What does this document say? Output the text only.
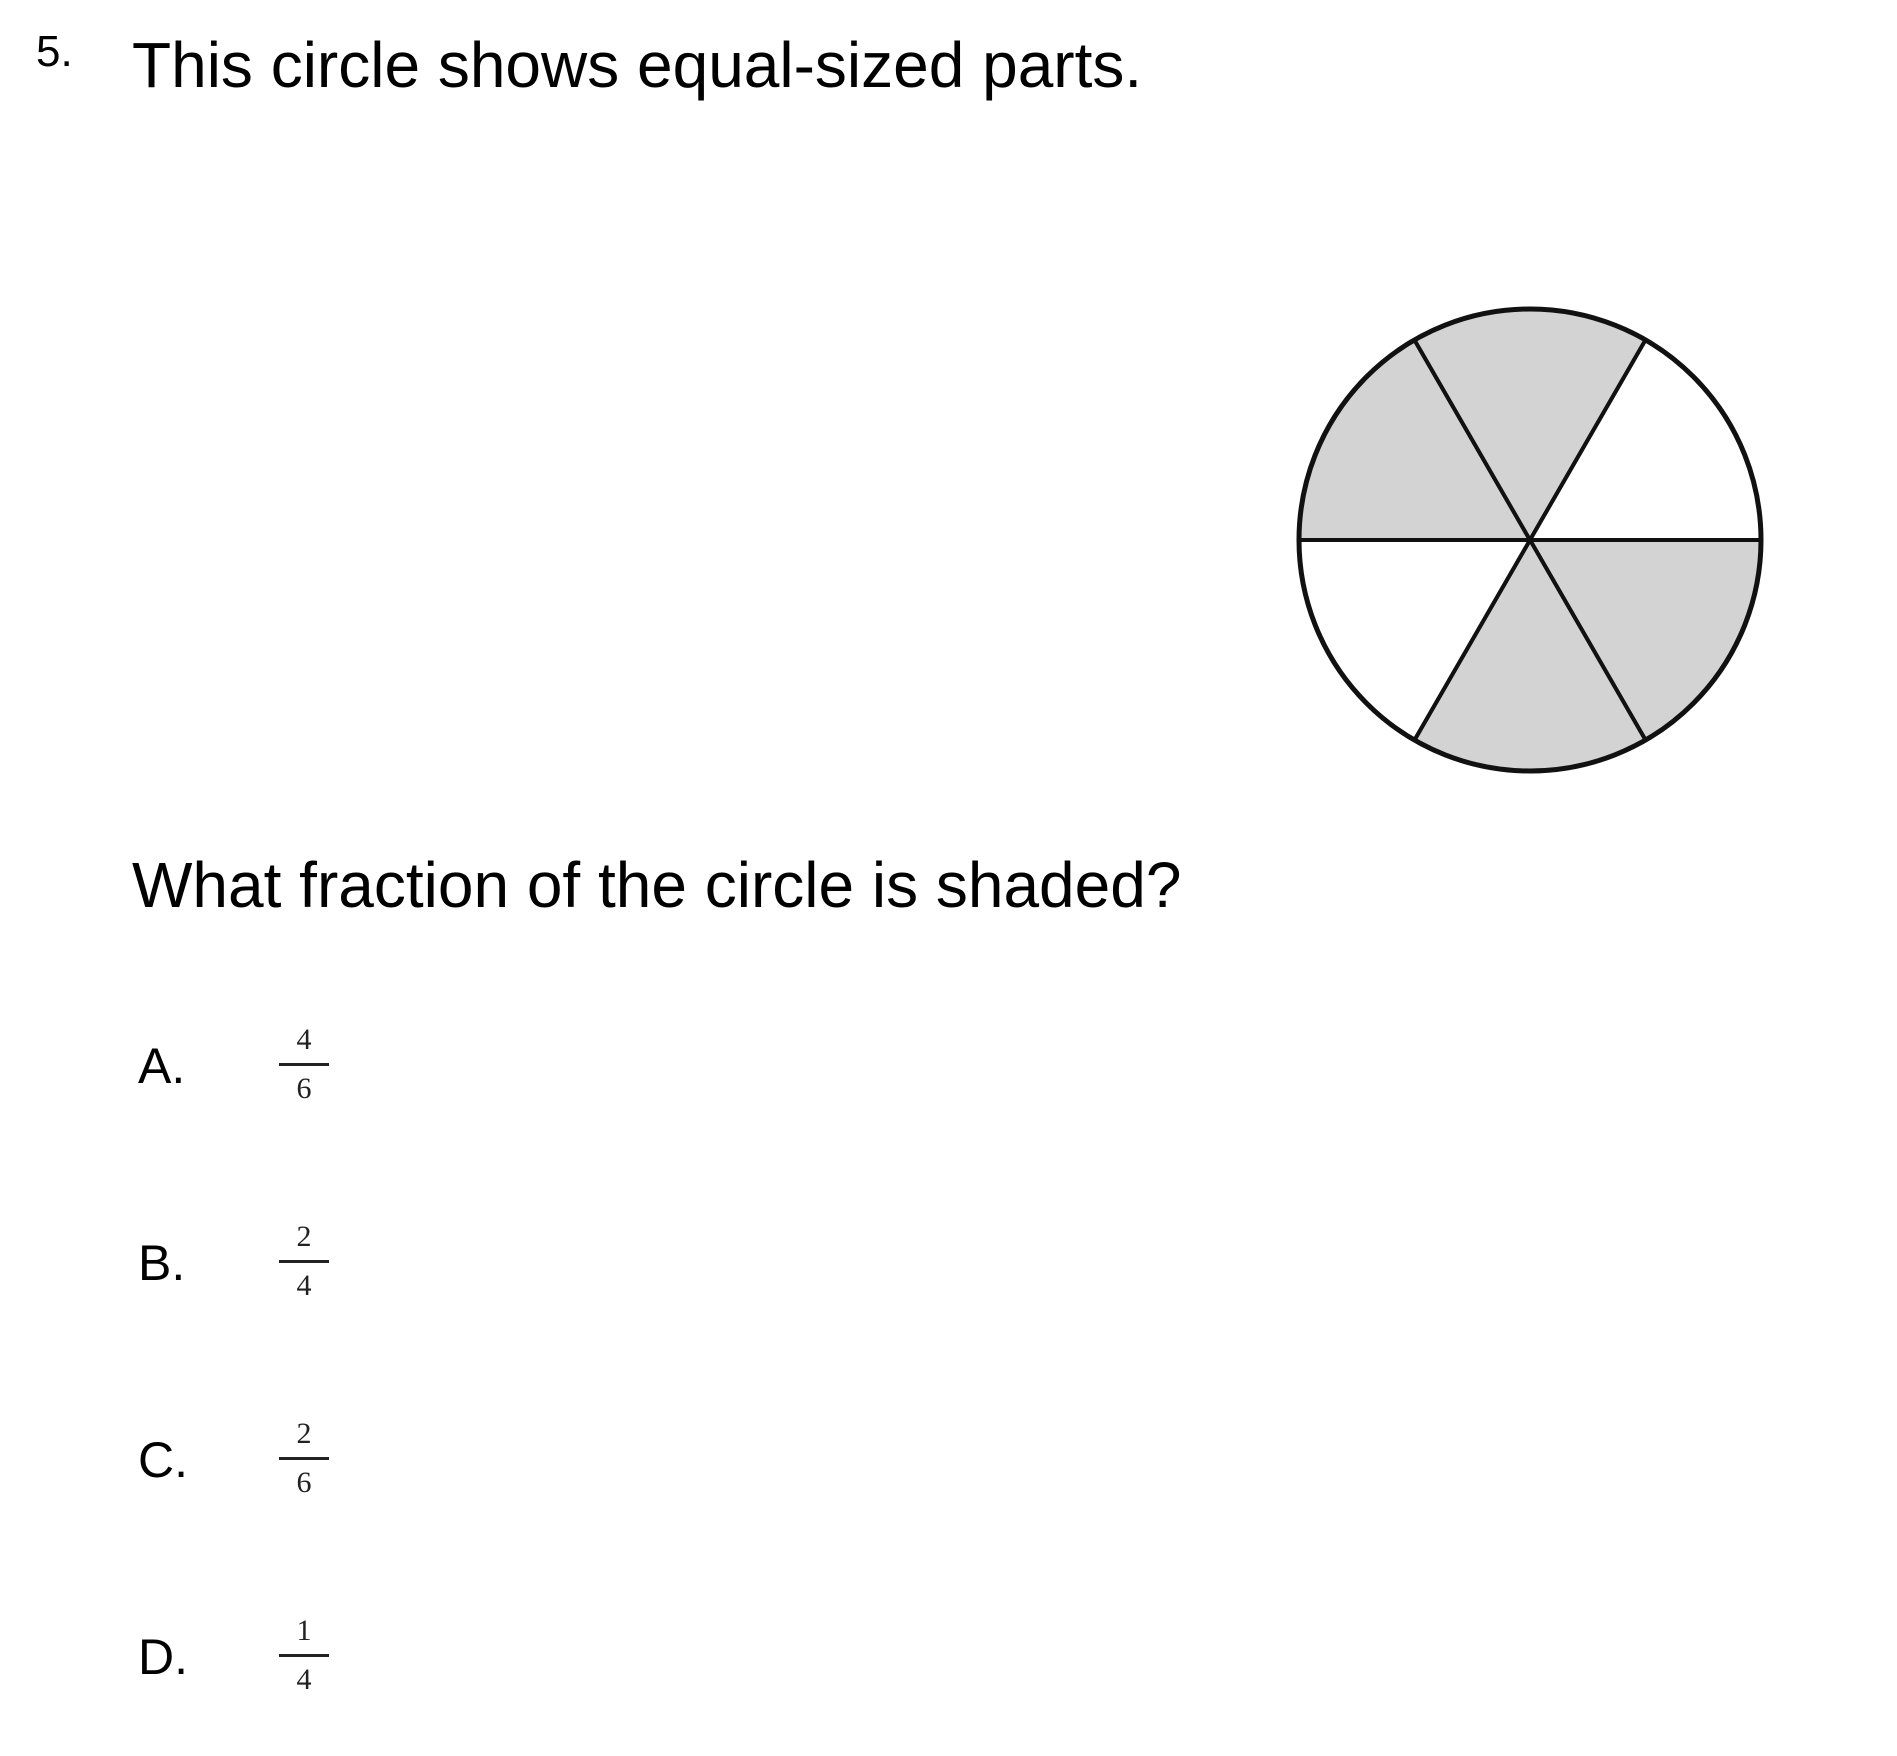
5. This circle shows equal-sized parts.
What fraction of the circle is shaded?
A.	4
6
B.	2
4
C.	2
6
D.	1
4
